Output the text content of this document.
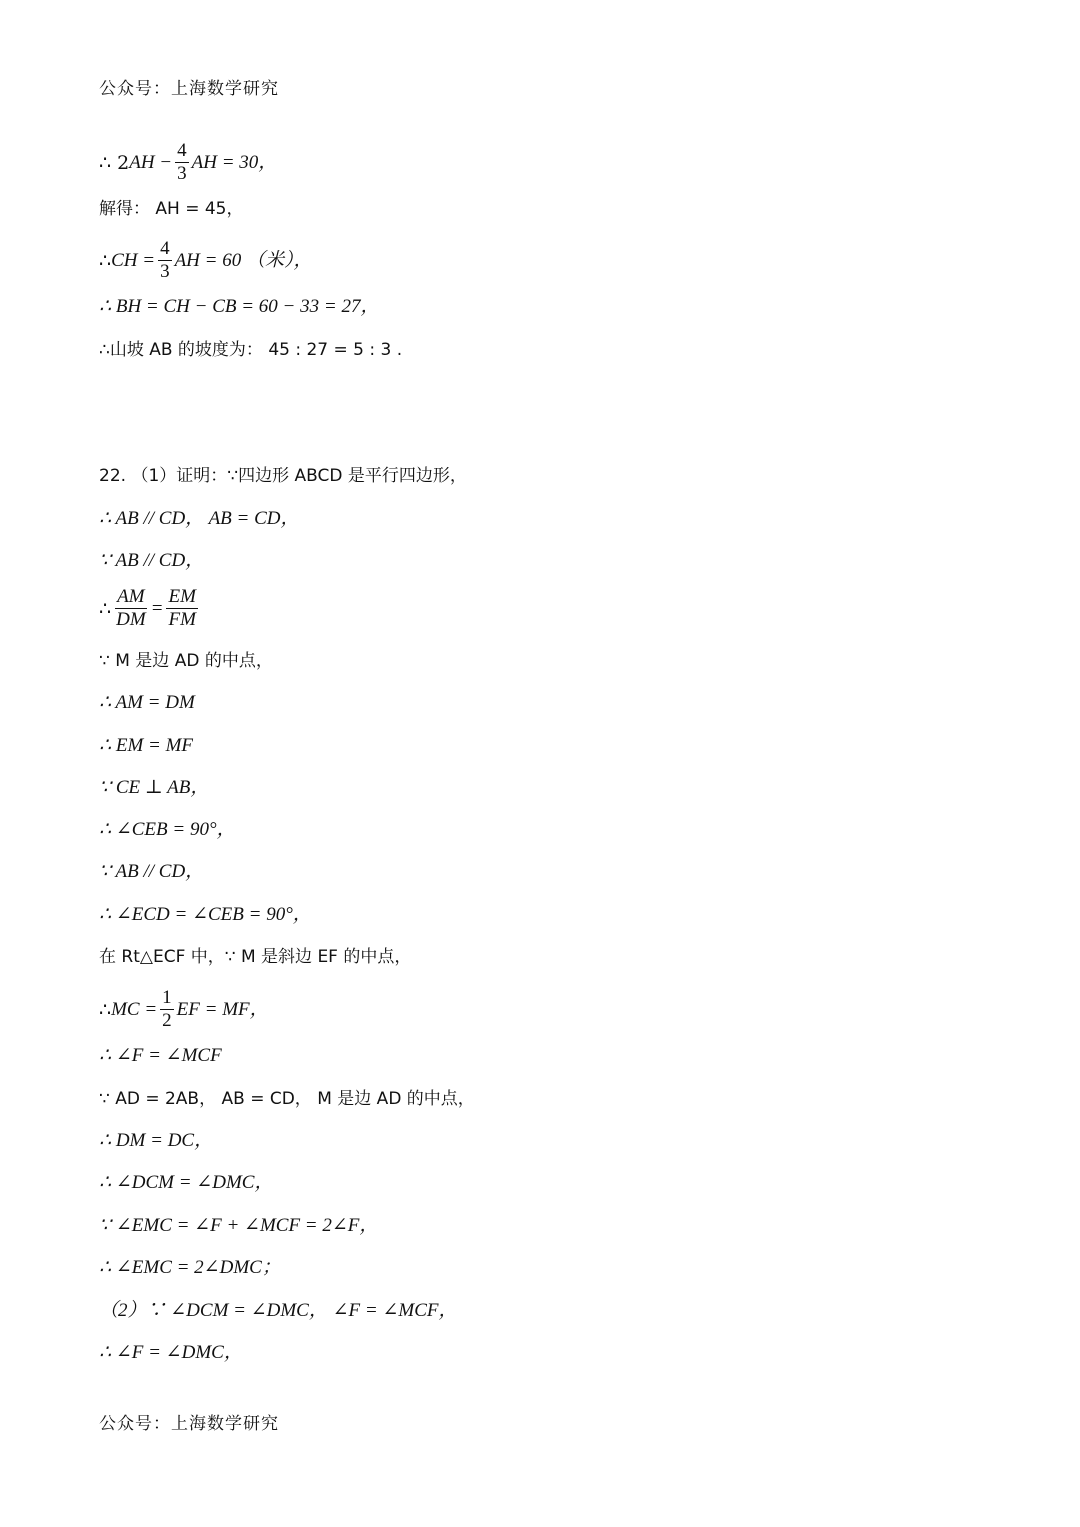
公众号：上海数学研究
∴ 2 AH − $\frac{4}{3}$ AH = 30，
解得： AH = 45，
∴ CH = $\frac{4}{3}$ AH = 60 （米），
∴ BH = CH − CB = 60 − 33 = 27，
∴山坡 AB 的坡度为： 45 : 27 = 5 : 3 .
22. （1）证明：∵四边形 ABCD 是平行四边形，
∴ AB // CD， AB = CD，
∵ AB // CD，
∴ $\frac{AM}{DM} = \frac{EM}{FM}$
∵ M 是边 AD 的中点，
∴ AM = DM
∴ EM = MF
∵ CE ⊥ AB，
∴ ∠CEB = 90°，
∵ AB // CD，
∴ ∠ECD = ∠CEB = 90°，
在 Rt△ECF 中，∵ M 是斜边 EF 的中点，
∴ MC = $\frac{1}{2}$ EF = MF，
∴ ∠F = ∠MCF
∵ AD = 2AB， AB = CD， M 是边 AD 的中点，
∴ DM = DC，
∴ ∠DCM = ∠DMC，
∵ ∠EMC = ∠F + ∠MCF = 2∠F，
∴ ∠EMC = 2∠DMC；
（2）∵ ∠DCM = ∠DMC， ∠F = ∠MCF，
∴ ∠F = ∠DMC，
公众号：上海数学研究
